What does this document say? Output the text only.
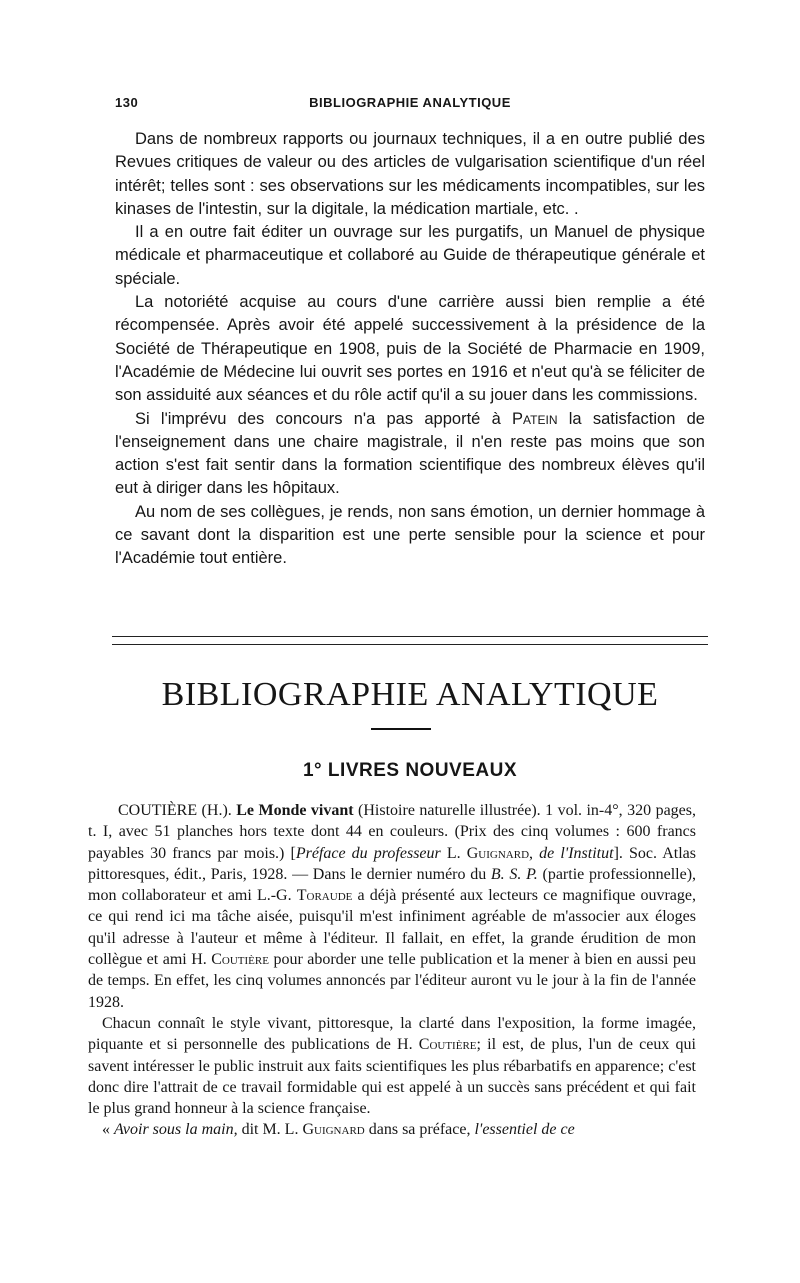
130	BIBLIOGRAPHIE ANALYTIQUE

Dans de nombreux rapports ou journaux techniques, il a en outre publié des Revues critiques de valeur ou des articles de vulgarisation scientifique d'un réel intérêt; telles sont : ses observations sur les médicaments incompatibles, sur les kinases de l'intestin, sur la digitale, la médication martiale, etc. .

Il a en outre fait éditer un ouvrage sur les purgatifs, un Manuel de physique médicale et pharmaceutique et collaboré au Guide de thérapeutique générale et spéciale.

La notoriété acquise au cours d'une carrière aussi bien remplie a été récompensée. Après avoir été appelé successivement à la présidence de la Société de Thérapeutique en 1908, puis de la Société de Pharmacie en 1909, l'Académie de Médecine lui ouvrit ses portes en 1916 et n'eut qu'à se féliciter de son assiduité aux séances et du rôle actif qu'il a su jouer dans les commissions.

Si l'imprévu des concours n'a pas apporté à Patein la satisfaction de l'enseignement dans une chaire magistrale, il n'en reste pas moins que son action s'est fait sentir dans la formation scientifique des nombreux élèves qu'il eut à diriger dans les hôpitaux.

Au nom de ses collègues, je rends, non sans émotion, un dernier hommage à ce savant dont la disparition est une perte sensible pour la science et pour l'Académie tout entière.

BIBLIOGRAPHIE ANALYTIQUE
1° LIVRES NOUVEAUX

COUTIÈRE (H.). Le Monde vivant (Histoire naturelle illustrée). 1 vol. in-4°, 320 pages, t. I, avec 51 planches hors texte dont 44 en couleurs. (Prix des cinq volumes : 600 francs payables 30 francs par mois.) [Préface du professeur L. Guignard, de l'Institut]. Soc. Atlas pittoresques, édit., Paris, 1928. — Dans le dernier numéro du B. S. P. (partie professionnelle), mon collaborateur et ami L.-G. Toraude a déjà présenté aux lecteurs ce magnifique ouvrage, ce qui rend ici ma tâche aisée, puisqu'il m'est infiniment agréable de m'associer aux éloges qu'il adresse à l'auteur et même à l'éditeur. Il fallait, en effet, la grande érudition de mon collègue et ami H. Coutière pour aborder une telle publication et la mener à bien en aussi peu de temps. En effet, les cinq volumes annoncés par l'éditeur auront vu le jour à la fin de l'année 1928.

Chacun connaît le style vivant, pittoresque, la clarté dans l'exposition, la forme imagée, piquante et si personnelle des publications de H. Coutière; il est, de plus, l'un de ceux qui savent intéresser le public instruit aux faits scientifiques les plus rébarbatifs en apparence; c'est donc dire l'attrait de ce travail formidable qui est appelé à un succès sans précédent et qui fait le plus grand honneur à la science française.

« Avoir sous la main, dit M. L. Guignard dans sa préface, l'essentiel de ce
